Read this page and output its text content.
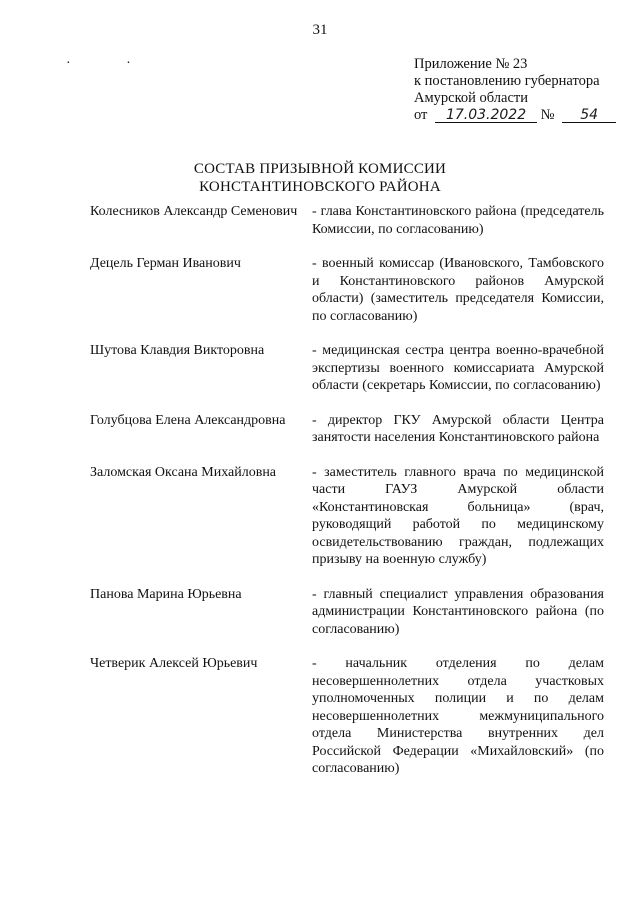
31
· ·	Приложение № 23
к постановлению губернатора
Амурской области
от 17.03.2022 № 54
СОСТАВ ПРИЗЫВНОЙ КОМИССИИ
КОНСТАНТИНОВСКОГО РАЙОНА
Колесников Александр Семенович	- глава Константиновского района (председатель Комиссии, по согласованию)
Децель Герман Иванович	- военный комиссар (Ивановского, Тамбовского и Константиновского районов Амурской области) (заместитель председателя Комиссии, по согласованию)
Шутова Клавдия Викторовна	- медицинская сестра центра военно-врачебной экспертизы военного комиссариата Амурской области (секретарь Комиссии, по согласованию)
Голубцова Елена Александровна	- директор ГКУ Амурской области Центра занятости населения Константиновского района
Заломская Оксана Михайловна	- заместитель главного врача по медицинской части ГАУЗ Амурской области «Константиновская больница» (врач, руководящий работой по медицинскому освидетельствованию граждан, подлежащих призыву на военную службу)
Панова Марина Юрьевна	- главный специалист управления образования администрации Константиновского района (по согласованию)
Четверик Алексей Юрьевич	- начальник отделения по делам несовершеннолетних отдела участковых уполномоченных полиции и по делам несовершеннолетних межмуниципального отдела Министерства внутренних дел Российской Федерации «Михайловский» (по согласованию)
